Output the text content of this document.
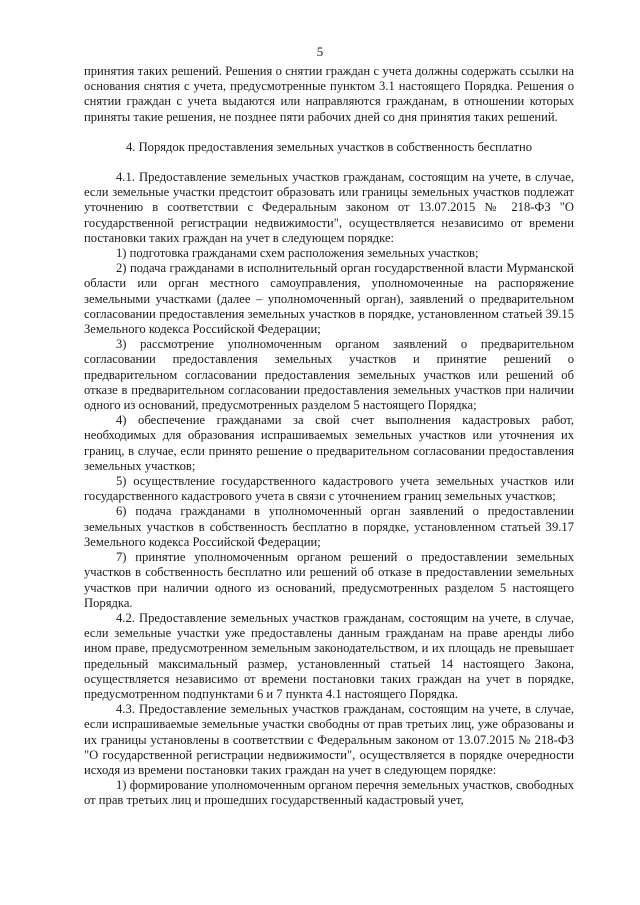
5

принятия таких решений. Решения о снятии граждан с учета должны содержать ссылки на основания снятия с учета, предусмотренные пунктом 3.1 настоящего Порядка. Решения о снятии граждан с учета выдаются или направляются гражданам, в отношении которых приняты такие решения, не позднее пяти рабочих дней со дня принятия таких решений.

4. Порядок предоставления земельных участков в собственность бесплатно

4.1. Предоставление земельных участков гражданам, состоящим на учете, в случае, если земельные участки предстоит образовать или границы земельных участков подлежат уточнению в соответствии с Федеральным законом от 13.07.2015 № 218-ФЗ "О государственной регистрации недвижимости", осуществляется независимо от времени постановки таких граждан на учет в следующем порядке:

1) подготовка гражданами схем расположения земельных участков;

2) подача гражданами в исполнительный орган государственной власти Мурманской области или орган местного самоуправления, уполномоченные на распоряжение земельными участками (далее – уполномоченный орган), заявлений о предварительном согласовании предоставления земельных участков в порядке, установленном статьей 39.15 Земельного кодекса Российской Федерации;

3) рассмотрение уполномоченным органом заявлений о предварительном согласовании предоставления земельных участков и принятие решений о предварительном согласовании предоставления земельных участков или решений об отказе в предварительном согласовании предоставления земельных участков при наличии одного из оснований, предусмотренных разделом 5 настоящего Порядка;

4) обеспечение гражданами за свой счет выполнения кадастровых работ, необходимых для образования испрашиваемых земельных участков или уточнения их границ, в случае, если принято решение о предварительном согласовании предоставления земельных участков;

5) осуществление государственного кадастрового учета земельных участков или государственного кадастрового учета в связи с уточнением границ земельных участков;

6) подача гражданами в уполномоченный орган заявлений о предоставлении земельных участков в собственность бесплатно в порядке, установленном статьей 39.17 Земельного кодекса Российской Федерации;

7) принятие уполномоченным органом решений о предоставлении земельных участков в собственность бесплатно или решений об отказе в предоставлении земельных участков при наличии одного из оснований, предусмотренных разделом 5 настоящего Порядка.

4.2. Предоставление земельных участков гражданам, состоящим на учете, в случае, если земельные участки уже предоставлены данным гражданам на праве аренды либо ином праве, предусмотренном земельным законодательством, и их площадь не превышает предельный максимальный размер, установленный статьей 14 настоящего Закона, осуществляется независимо от времени постановки таких граждан на учет в порядке, предусмотренном подпунктами 6 и 7 пункта 4.1 настоящего Порядка.

4.3. Предоставление земельных участков гражданам, состоящим на учете, в случае, если испрашиваемые земельные участки свободны от прав третьих лиц, уже образованы и их границы установлены в соответствии с Федеральным законом от 13.07.2015 № 218-ФЗ "О государственной регистрации недвижимости", осуществляется в порядке очередности исходя из времени постановки таких граждан на учет в следующем порядке:

1) формирование уполномоченным органом перечня земельных участков, свободных от прав третьих лиц и прошедших государственный кадастровый учет,
